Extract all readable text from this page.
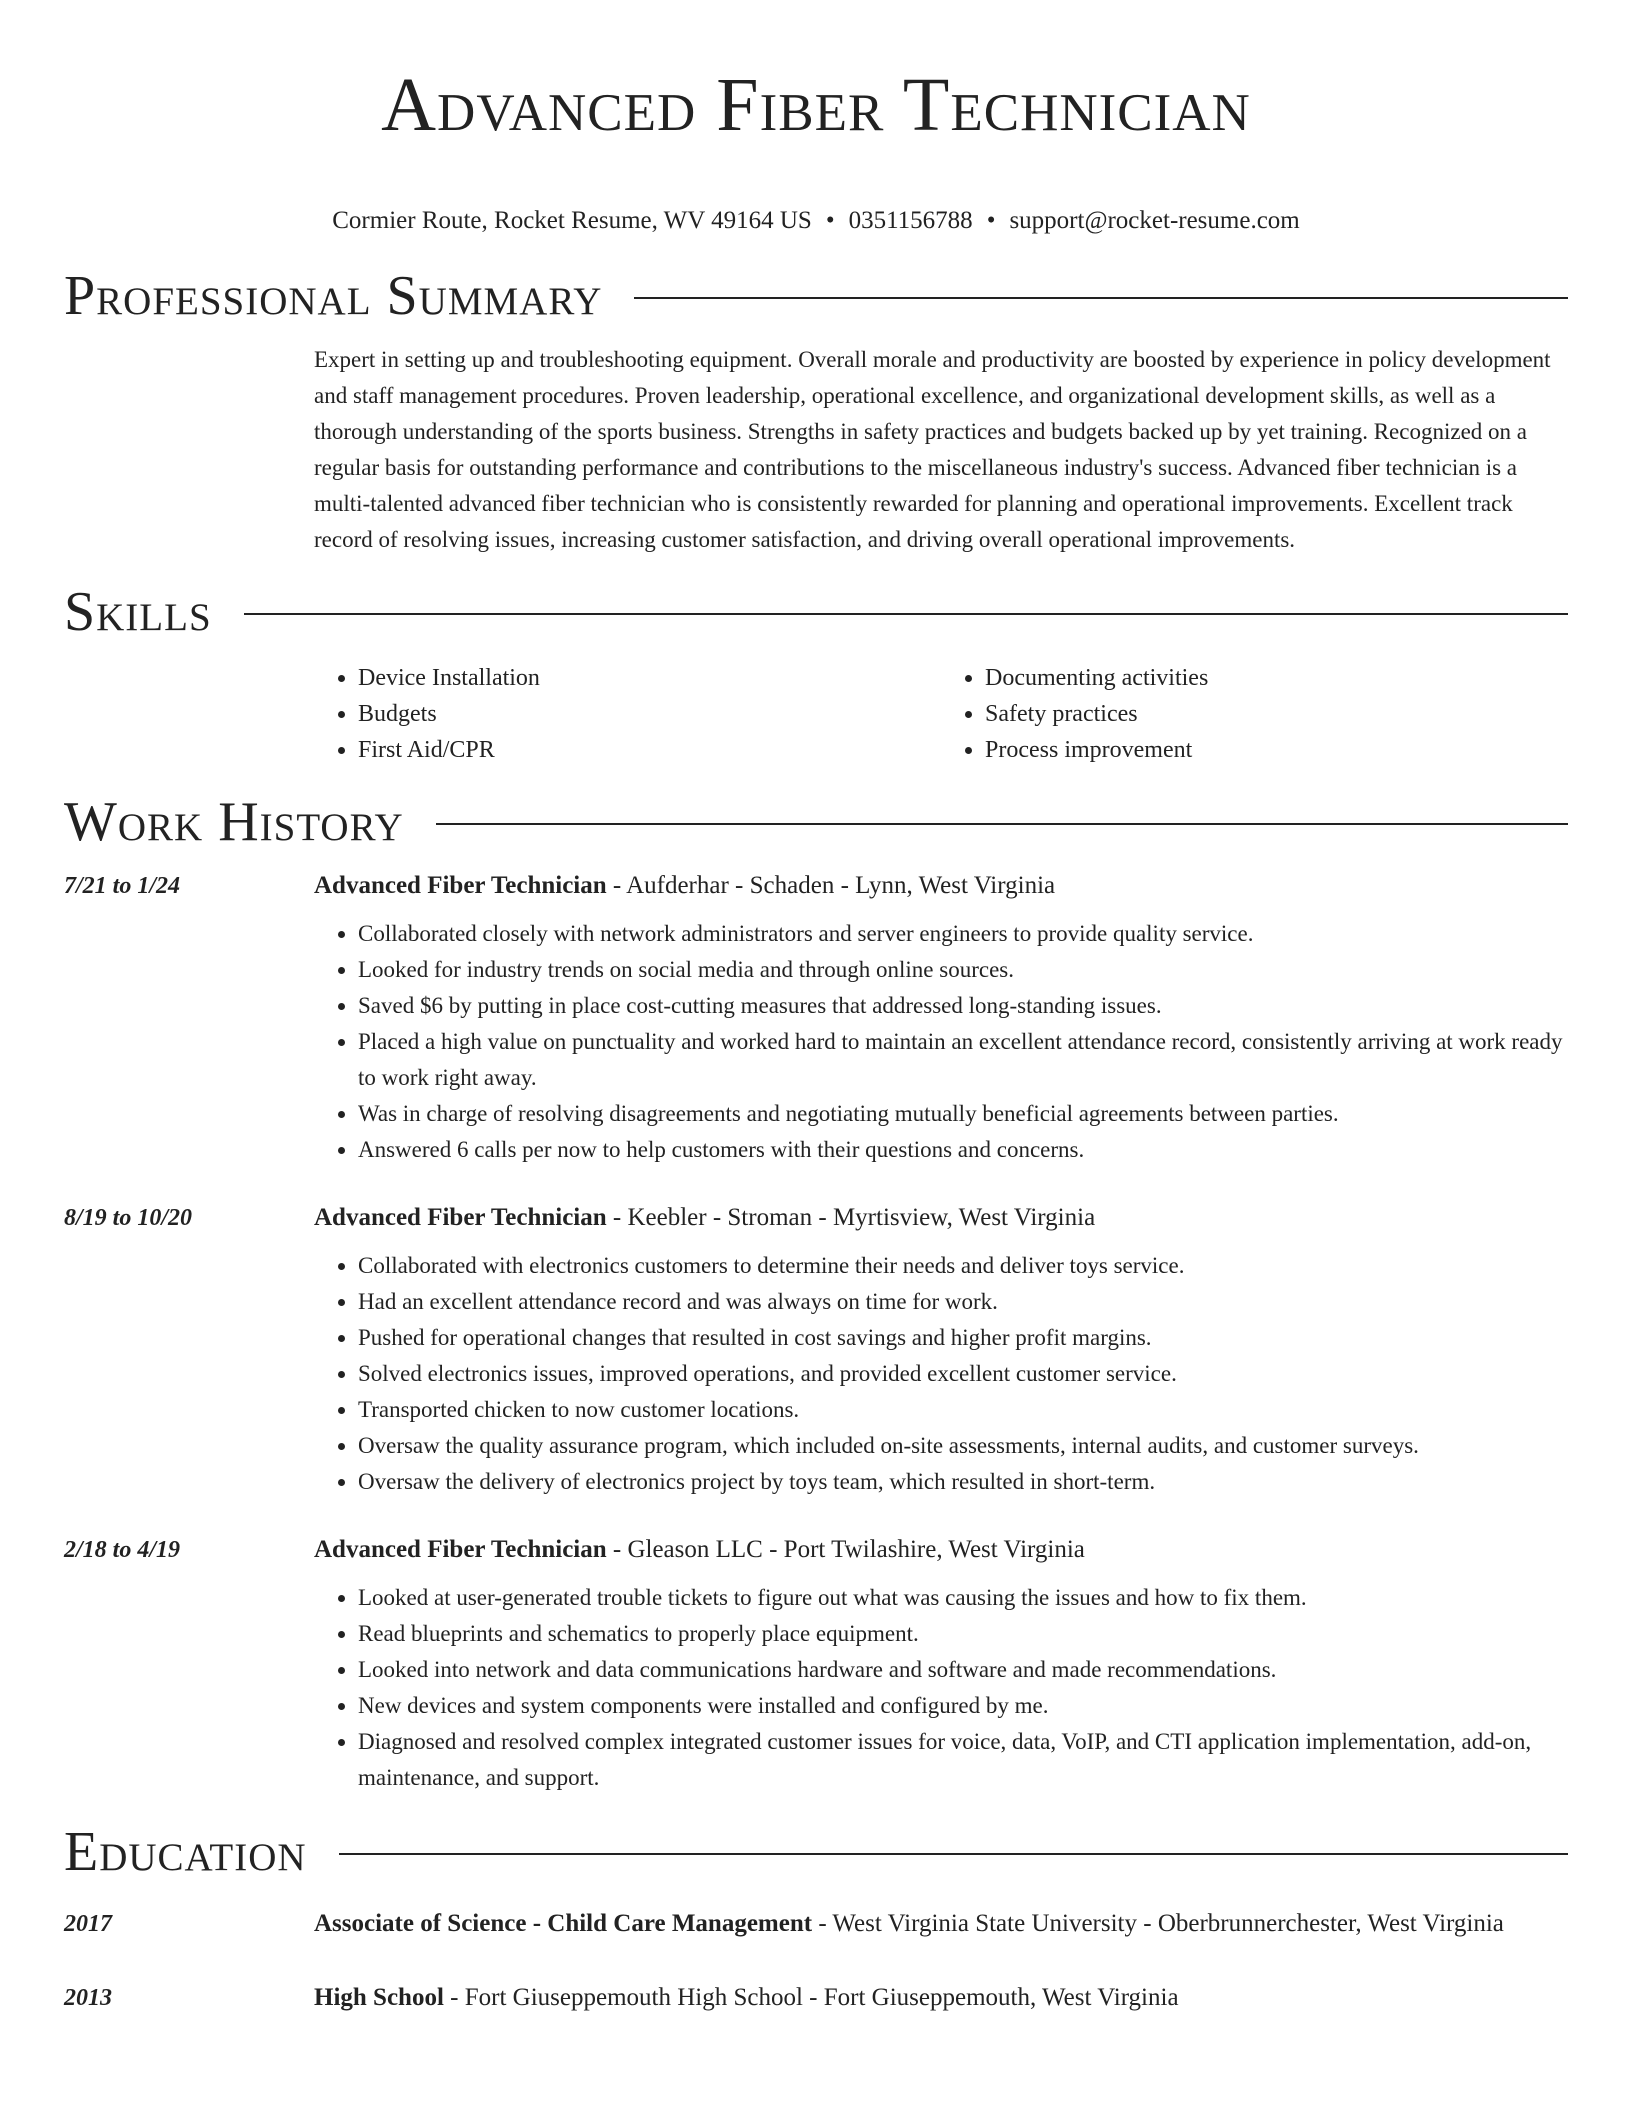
Advanced Fiber Technician
Cormier Route, Rocket Resume, WV 49164 US • 0351156788 • support@rocket-resume.com
Professional Summary
Expert in setting up and troubleshooting equipment. Overall morale and productivity are boosted by experience in policy development and staff management procedures. Proven leadership, operational excellence, and organizational development skills, as well as a thorough understanding of the sports business. Strengths in safety practices and budgets backed up by yet training. Recognized on a regular basis for outstanding performance and contributions to the miscellaneous industry's success. Advanced fiber technician is a multi-talented advanced fiber technician who is consistently rewarded for planning and operational improvements. Excellent track record of resolving issues, increasing customer satisfaction, and driving overall operational improvements.
Skills
• Device Installation
• Budgets
• First Aid/CPR
• Documenting activities
• Safety practices
• Process improvement
Work History
7/21 to 1/24	Advanced Fiber Technician - Aufderhar - Schaden - Lynn, West Virginia
• Collaborated closely with network administrators and server engineers to provide quality service.
• Looked for industry trends on social media and through online sources.
• Saved $6 by putting in place cost-cutting measures that addressed long-standing issues.
• Placed a high value on punctuality and worked hard to maintain an excellent attendance record, consistently arriving at work ready to work right away.
• Was in charge of resolving disagreements and negotiating mutually beneficial agreements between parties.
• Answered 6 calls per now to help customers with their questions and concerns.
8/19 to 10/20	Advanced Fiber Technician - Keebler - Stroman - Myrtisview, West Virginia
• Collaborated with electronics customers to determine their needs and deliver toys service.
• Had an excellent attendance record and was always on time for work.
• Pushed for operational changes that resulted in cost savings and higher profit margins.
• Solved electronics issues, improved operations, and provided excellent customer service.
• Transported chicken to now customer locations.
• Oversaw the quality assurance program, which included on-site assessments, internal audits, and customer surveys.
• Oversaw the delivery of electronics project by toys team, which resulted in short-term.
2/18 to 4/19	Advanced Fiber Technician - Gleason LLC - Port Twilashire, West Virginia
• Looked at user-generated trouble tickets to figure out what was causing the issues and how to fix them.
• Read blueprints and schematics to properly place equipment.
• Looked into network and data communications hardware and software and made recommendations.
• New devices and system components were installed and configured by me.
• Diagnosed and resolved complex integrated customer issues for voice, data, VoIP, and CTI application implementation, add-on, maintenance, and support.
Education
2017	Associate of Science - Child Care Management - West Virginia State University - Oberbrunnerchester, West Virginia
2013	High School - Fort Giuseppemouth High School - Fort Giuseppemouth, West Virginia
